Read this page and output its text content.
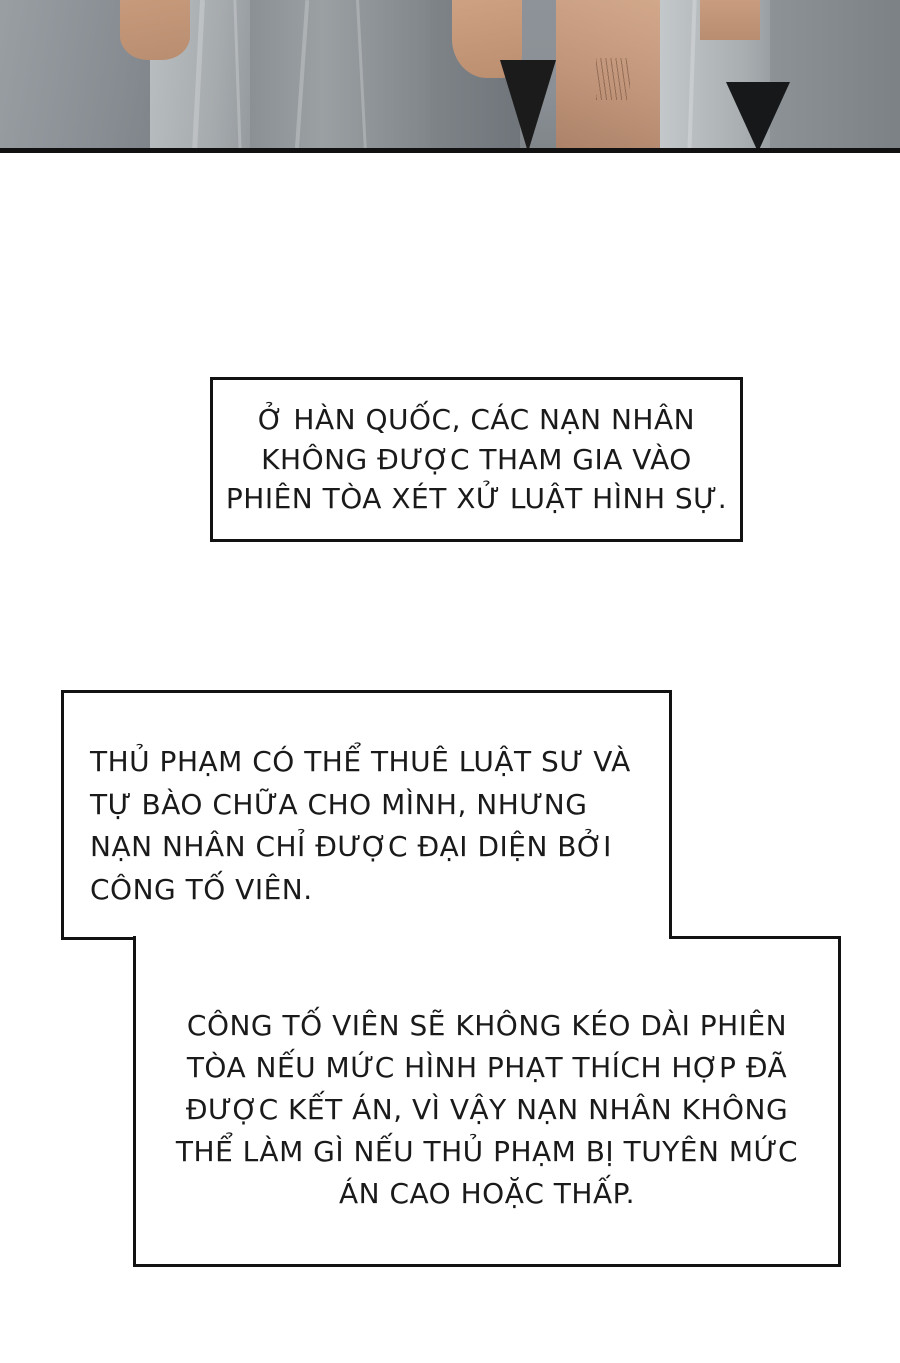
Ở HÀN QUỐC, CÁC NẠN NHÂN KHÔNG ĐƯỢC THAM GIA VÀO PHIÊN TÒA XÉT XỬ LUẬT HÌNH SỰ.

THỦ PHẠM CÓ THỂ THUÊ LUẬT SƯ VÀ TỰ BÀO CHỮA CHO MÌNH, NHƯNG NẠN NHÂN CHỈ ĐƯỢC ĐẠI DIỆN BỞI CÔNG TỐ VIÊN.

CÔNG TỐ VIÊN SẼ KHÔNG KÉO DÀI PHIÊN TÒA NẾU MỨC HÌNH PHẠT THÍCH HỢP ĐÃ ĐƯỢC KẾT ÁN, VÌ VẬY NẠN NHÂN KHÔNG THỂ LÀM GÌ NẾU THỦ PHẠM BỊ TUYÊN MỨC ÁN CAO HOẶC THẤP.
